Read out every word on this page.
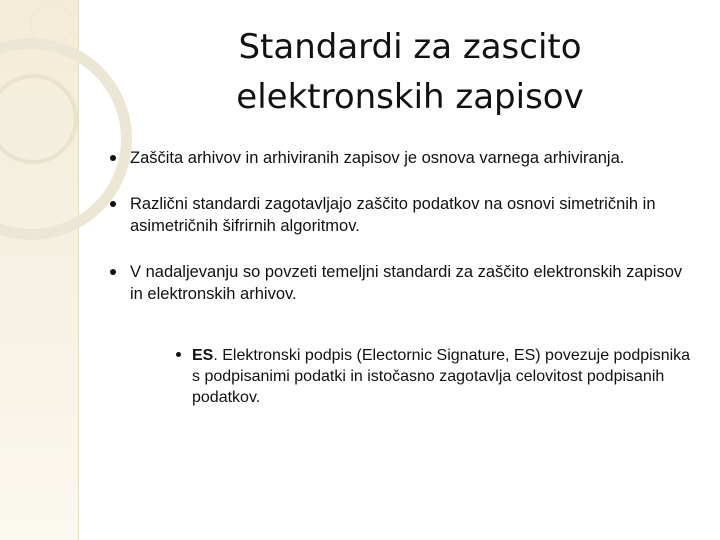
Standardi za zascito
elektronskih zapisov
Zaščita arhivov in arhiviranih zapisov je osnova varnega arhiviranja.
Različni standardi zagotavljajo zaščito podatkov na osnovi simetričnih in asimetričnih šifrirnih algoritmov.
V nadaljevanju so povzeti temeljni standardi za zaščito elektronskih zapisov in elektronskih arhivov.
ES. Elektronski podpis (Electornic Signature, ES) povezuje podpisnika s podpisanimi podatki in istočasno zagotavlja celovitost podpisanih podatkov.
